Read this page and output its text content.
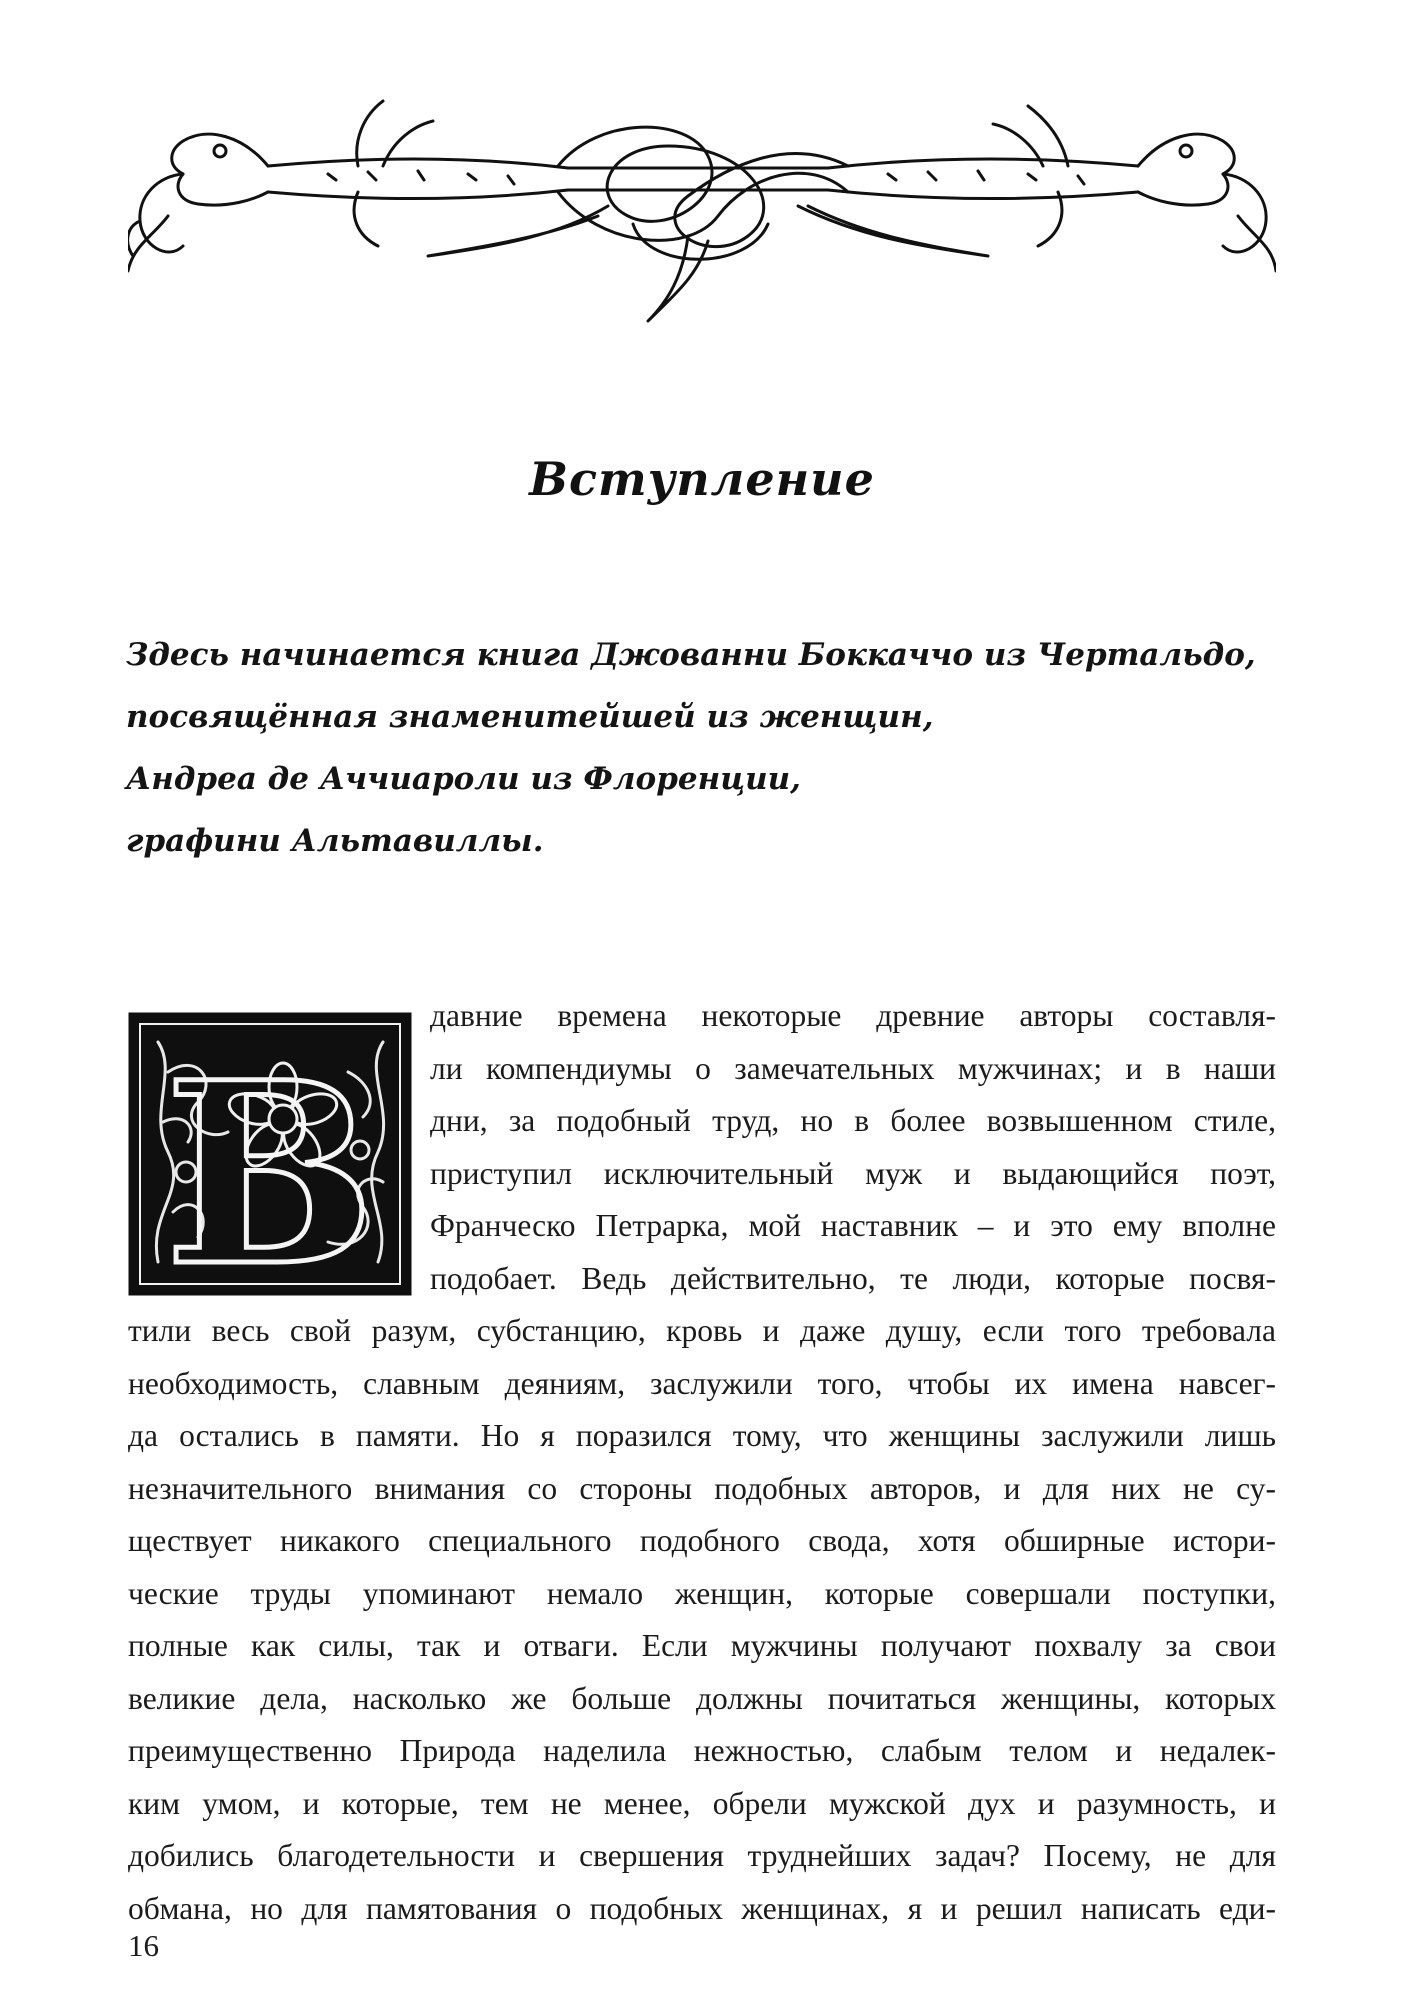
Вступление
Здесь начинается книга Джованни Боккаччо из Чертальдо,
посвящённая знаменитейшей из женщин,
Андреа де Аччиароли из Флоренции,
графини Альтавиллы.
В
давние времена некоторые древние авторы составля-
ли компендиумы о замечательных мужчинах; и в наши
дни, за подобный труд, но в более возвышенном стиле,
приступил исключительный муж и выдающийся поэт,
Франческо Петрарка, мой наставник – и это ему вполне
подобает. Ведь действительно, те люди, которые посвя-
тили весь свой разум, субстанцию, кровь и даже душу, если того требовала
необходимость, славным деяниям, заслужили того, чтобы их имена навсег-
да остались в памяти. Но я поразился тому, что женщины заслужили лишь
незначительного внимания со стороны подобных авторов, и для них не су-
ществует никакого специального подобного свода, хотя обширные истори-
ческие труды упоминают немало женщин, которые совершали поступки,
полные как силы, так и отваги. Если мужчины получают похвалу за свои
великие дела, насколько же больше должны почитаться женщины, которых
преимущественно Природа наделила нежностью, слабым телом и недалек-
ким умом, и которые, тем не менее, обрели мужской дух и разумность, и
добились благодетельности и свершения труднейших задач? Посему, не для
обмана, но для памятования о подобных женщинах, я и решил написать еди-
16
